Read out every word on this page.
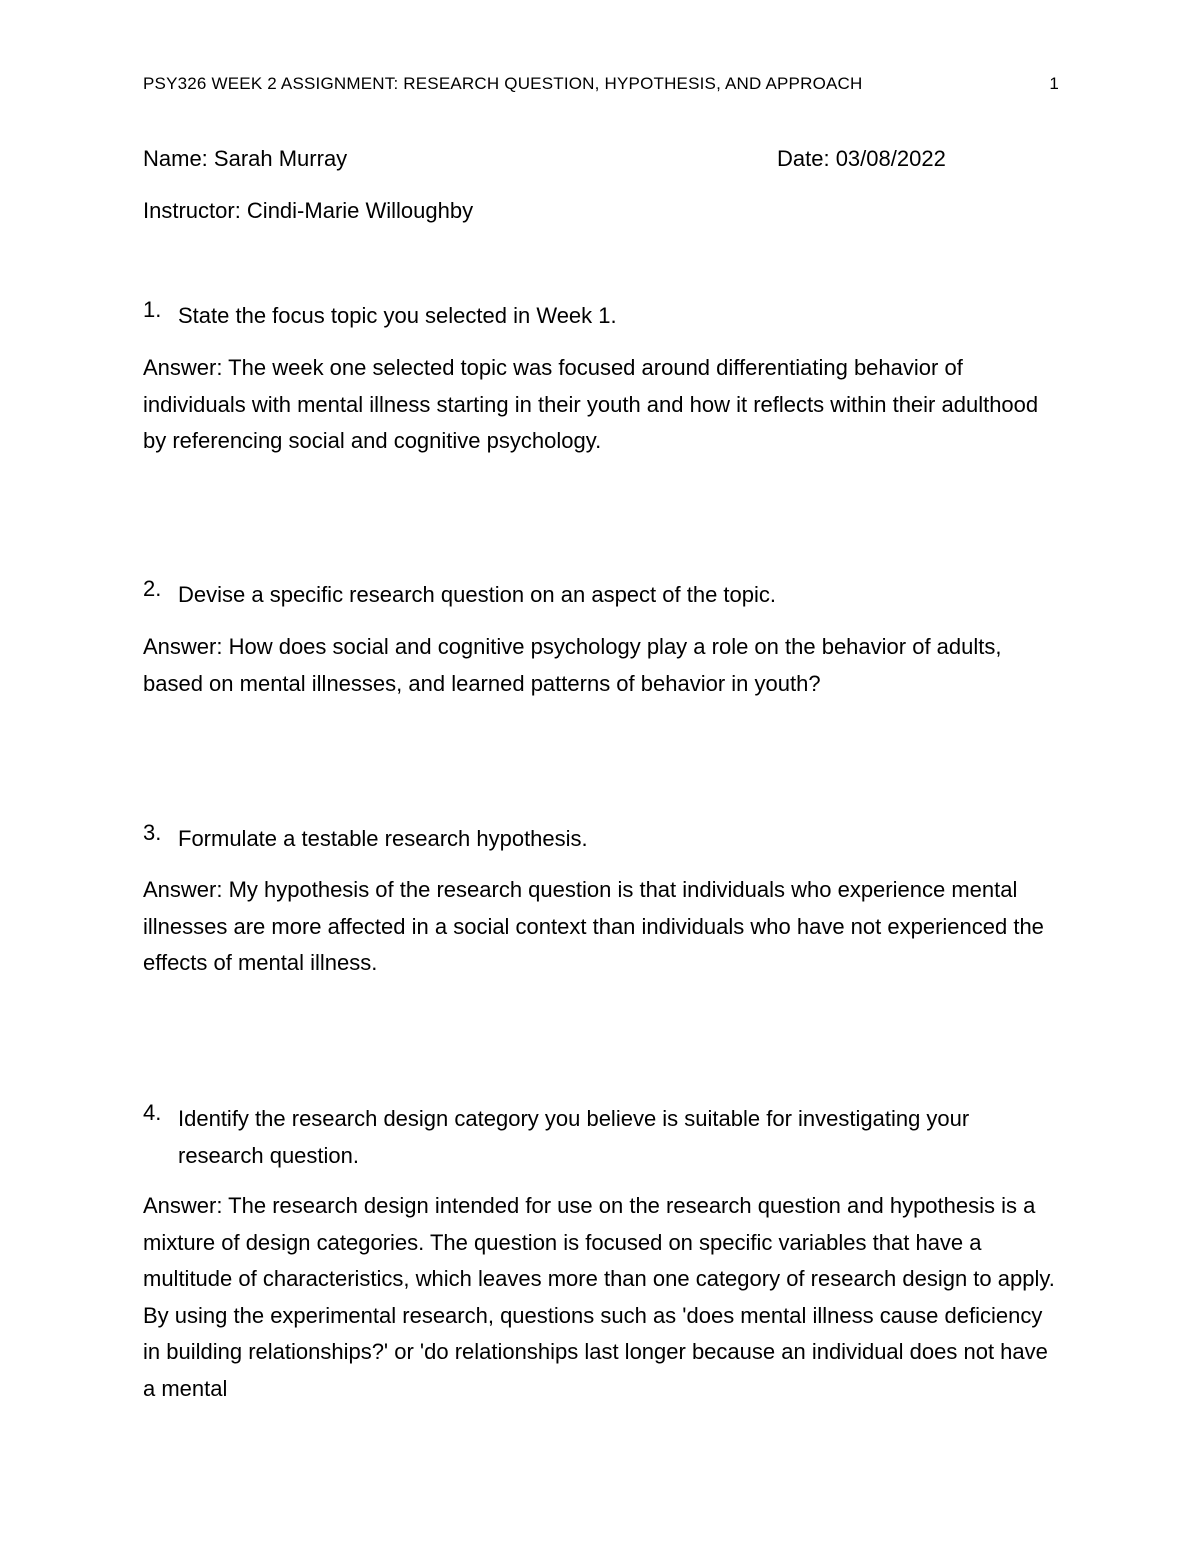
PSY326 WEEK 2 ASSIGNMENT: RESEARCH QUESTION, HYPOTHESIS, AND APPROACH	1
Name: Sarah Murray	Date: 03/08/2022
Instructor: Cindi-Marie Willoughby
1. State the focus topic you selected in Week 1.
Answer: The week one selected topic was focused around differentiating behavior of individuals with mental illness starting in their youth and how it reflects within their adulthood by referencing social and cognitive psychology.
2. Devise a specific research question on an aspect of the topic.
Answer: How does social and cognitive psychology play a role on the behavior of adults, based on mental illnesses, and learned patterns of behavior in youth?
3. Formulate a testable research hypothesis.
Answer: My hypothesis of the research question is that individuals who experience mental illnesses are more affected in a social context than individuals who have not experienced the effects of mental illness.
4. Identify the research design category you believe is suitable for investigating your research question.
Answer: The research design intended for use on the research question and hypothesis is a mixture of design categories. The question is focused on specific variables that have a multitude of characteristics, which leaves more than one category of research design to apply. By using the experimental research, questions such as 'does mental illness cause deficiency in building relationships?' or 'do relationships last longer because an individual does not have a mental
